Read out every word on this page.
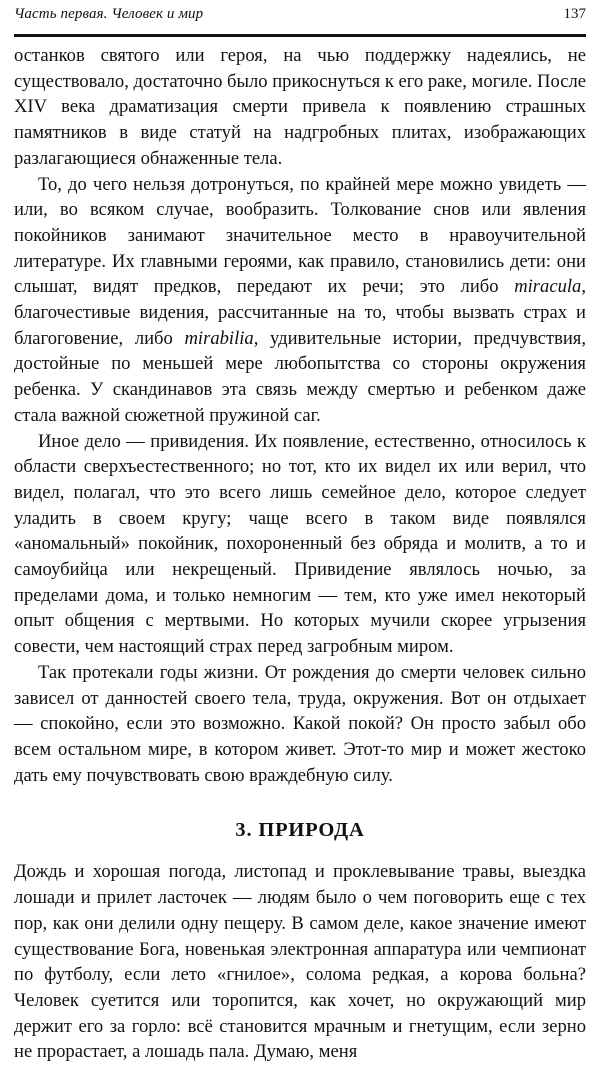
Часть первая. Человек и мир	137

останков святого или героя, на чью поддержку надеялись, не существовало, достаточно было прикоснуться к его раке, могиле. После XIV века драматизация смерти привела к появлению страшных памятников в виде статуй на надгробных плитах, изображающих разлагающиеся обнаженные тела.

То, до чего нельзя дотронуться, по крайней мере можно увидеть — или, во всяком случае, вообразить. Толкование снов или явления покойников занимают значительное место в нравоучительной литературе. Их главными героями, как правило, становились дети: они слышат, видят предков, передают их речи; это либо miracula, благочестивые видения, рассчитанные на то, чтобы вызвать страх и благоговение, либо mirabilia, удивительные истории, предчувствия, достойные по меньшей мере любопытства со стороны окружения ребенка. У скандинавов эта связь между смертью и ребенком даже стала важной сюжетной пружиной саг.

Иное дело — привидения. Их появление, естественно, относилось к области сверхъестественного; но тот, кто их видел их или верил, что видел, полагал, что это всего лишь семейное дело, которое следует уладить в своем кругу; чаще всего в таком виде появлялся «аномальный» покойник, похороненный без обряда и молитв, а то и самоубийца или некрещеный. Привидение являлось ночью, за пределами дома, и только немногим — тем, кто уже имел некоторый опыт общения с мертвыми. Но которых мучили скорее угрызения совести, чем настоящий страх перед загробным миром.

Так протекали годы жизни. От рождения до смерти человек сильно зависел от данностей своего тела, труда, окружения. Вот он отдыхает — спокойно, если это возможно. Какой покой? Он просто забыл обо всем остальном мире, в котором живет. Этот-то мир и может жестоко дать ему почувствовать свою враждебную силу.

3. ПРИРОДА

Дождь и хорошая погода, листопад и проклевывание травы, выездка лошади и прилет ласточек — людям было о чем поговорить еще с тех пор, как они делили одну пещеру. В самом деле, какое значение имеют существование Бога, новенькая электронная аппаратура или чемпионат по футболу, если лето «гнилое», солома редкая, а корова больна? Человек суетится или торопится, как хочет, но окружающий мир держит его за горло: всё становится мрачным и гнетущим, если зерно не прорастает, а лошадь пала. Думаю, меня
